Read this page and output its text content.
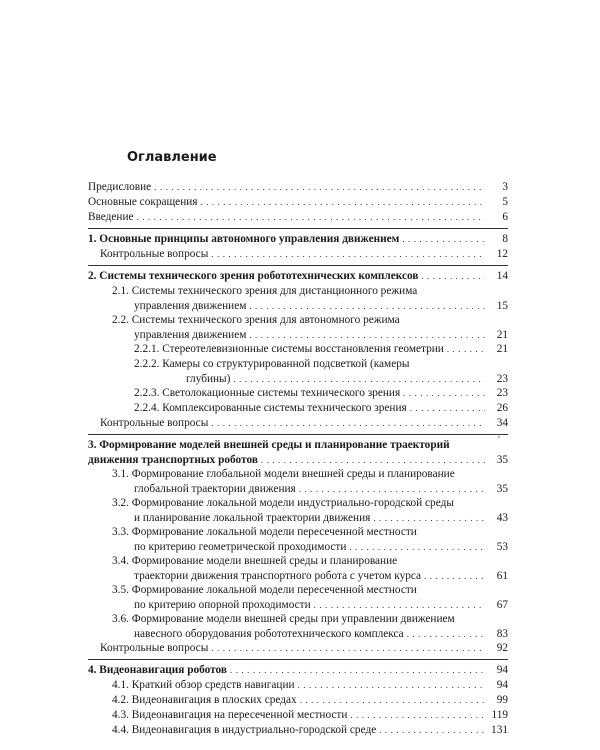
Оглавление
Предисловие . . .	3
Основные сокращения . . .	5
Введение . . .	6
1. Основные принципы автономного управления движением . . .	8
Контрольные вопросы . . .	12
2. Системы технического зрения робототехнических комплексов . . .	14
2.1. Системы технического зрения для дистанционного режима
управления движением . . .	15
2.2. Системы технического зрения для автономного режима
управления движением . . .	21
2.2.1. Стереотелевизионные системы восстановления геометрии . . .	21
2.2.2. Камеры со структурированной подсветкой (камеры
глубины) . . .	23
2.2.3. Светолокационные системы технического зрения . . .	23
2.2.4. Комплексированные системы технического зрения . . .	26
Контрольные вопросы . . .	34
,
3. Формирование моделей внешней среды и планирование траекторий
движения транспортных роботов . . .	35
3.1. Формирование глобальной модели внешней среды и планирование
глобальной траектории движения . . .	35
3.2. Формирование локальной модели индустриально-городской среды
и планирование локальной траектории движения . . .	43
3.3. Формирование локальной модели пересеченной местности
по критерию геометрической проходимости . . .	53
3.4. Формирование модели внешней среды и планирование
траектории движения транспортного робота с учетом курса . . .	61
3.5. Формирование локальной модели пересеченной местности
по критерию опорной проходимости . . .	67
3.6. Формирование модели внешней среды при управлении движением
навесного оборудования робототехнического комплекса . . .	83
Контрольные вопросы . . .	92
4. Видеонавигация роботов . . .	94
4.1. Краткий обзор средств навигации . . .	94
4.2. Видеонавигация в плоских средах . . .	99
4.3. Видеонавигация на пересеченной местности . . .	119
4.4. Видеонавигация в индустриально-городской среде . . .	131
